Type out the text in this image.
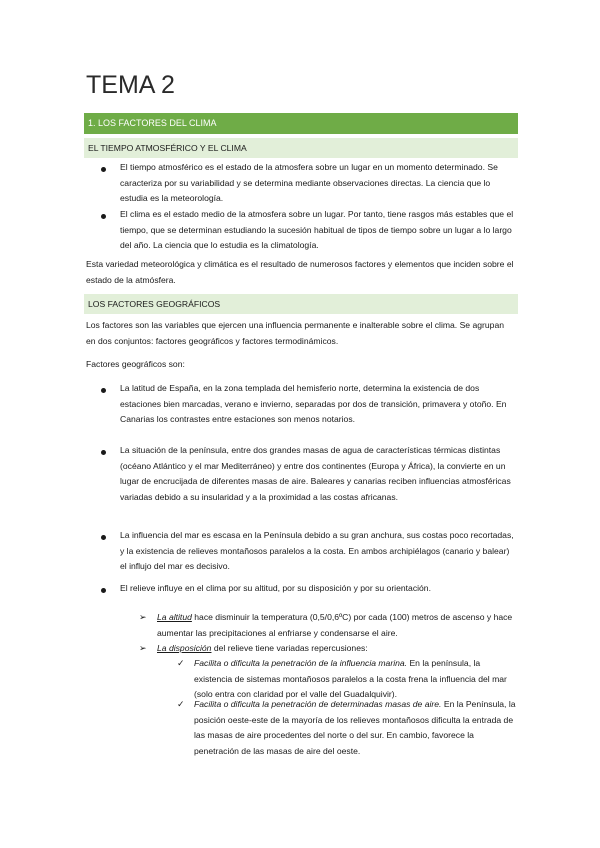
TEMA 2
1. LOS FACTORES DEL CLIMA
EL TIEMPO ATMOSFÉRICO Y EL CLIMA

El tiempo atmosférico es el estado de la atmosfera sobre un lugar en un momento determinado. Se caracteriza por su variabilidad y se determina mediante observaciones directas. La ciencia que lo estudia es la meteorología.

El clima es el estado medio de la atmosfera sobre un lugar. Por tanto, tiene rasgos más estables que el tiempo, que se determinan estudiando la sucesión habitual de tipos de tiempo sobre un lugar a lo largo del año. La ciencia que lo estudia es la climatología.

Esta variedad meteorológica y climática es el resultado de numerosos factores y elementos que inciden sobre el estado de la atmósfera.

LOS FACTORES GEOGRÁFICOS

Los factores son las variables que ejercen una influencia permanente e inalterable sobre el clima. Se agrupan en dos conjuntos: factores geográficos y factores termodinámicos.

Factores geográficos son:

La latitud de España, en la zona templada del hemisferio norte, determina la existencia de dos estaciones bien marcadas, verano e invierno, separadas por dos de transición, primavera y otoño. En Canarias los contrastes entre estaciones son menos notarios.

La situación de la península, entre dos grandes masas de agua de características térmicas distintas (océano Atlántico y el mar Mediterráneo) y entre dos continentes (Europa y África), la convierte en un lugar de encrucijada de diferentes masas de aire. Baleares y canarias reciben influencias atmosféricas variadas debido a su insularidad y a la proximidad a las costas africanas.

La influencia del mar es escasa en la Península debido a su gran anchura, sus costas poco recortadas, y la existencia de relieves montañosos paralelos a la costa. En ambos archipiélagos (canario y balear) el influjo del mar es decisivo.

El relieve influye en el clima por su altitud, por su disposición y por su orientación.

➢ La altitud hace disminuir la temperatura (0,5/0,6ºC) por cada (100) metros de ascenso y hace aumentar las precipitaciones al enfriarse y condensarse el aire.

➢ La disposición del relieve tiene variadas repercusiones:

✓ Facilita o dificulta la penetración de la influencia marina. En la península, la existencia de sistemas montañosos paralelos a la costa frena la influencia del mar (solo entra con claridad por el valle del Guadalquivir).

✓ Facilita o dificulta la penetración de determinadas masas de aire. En la Península, la posición oeste-este de la mayoría de los relieves montañosos dificulta la entrada de las masas de aire procedentes del norte o del sur. En cambio, favorece la penetración de las masas de aire del oeste.
